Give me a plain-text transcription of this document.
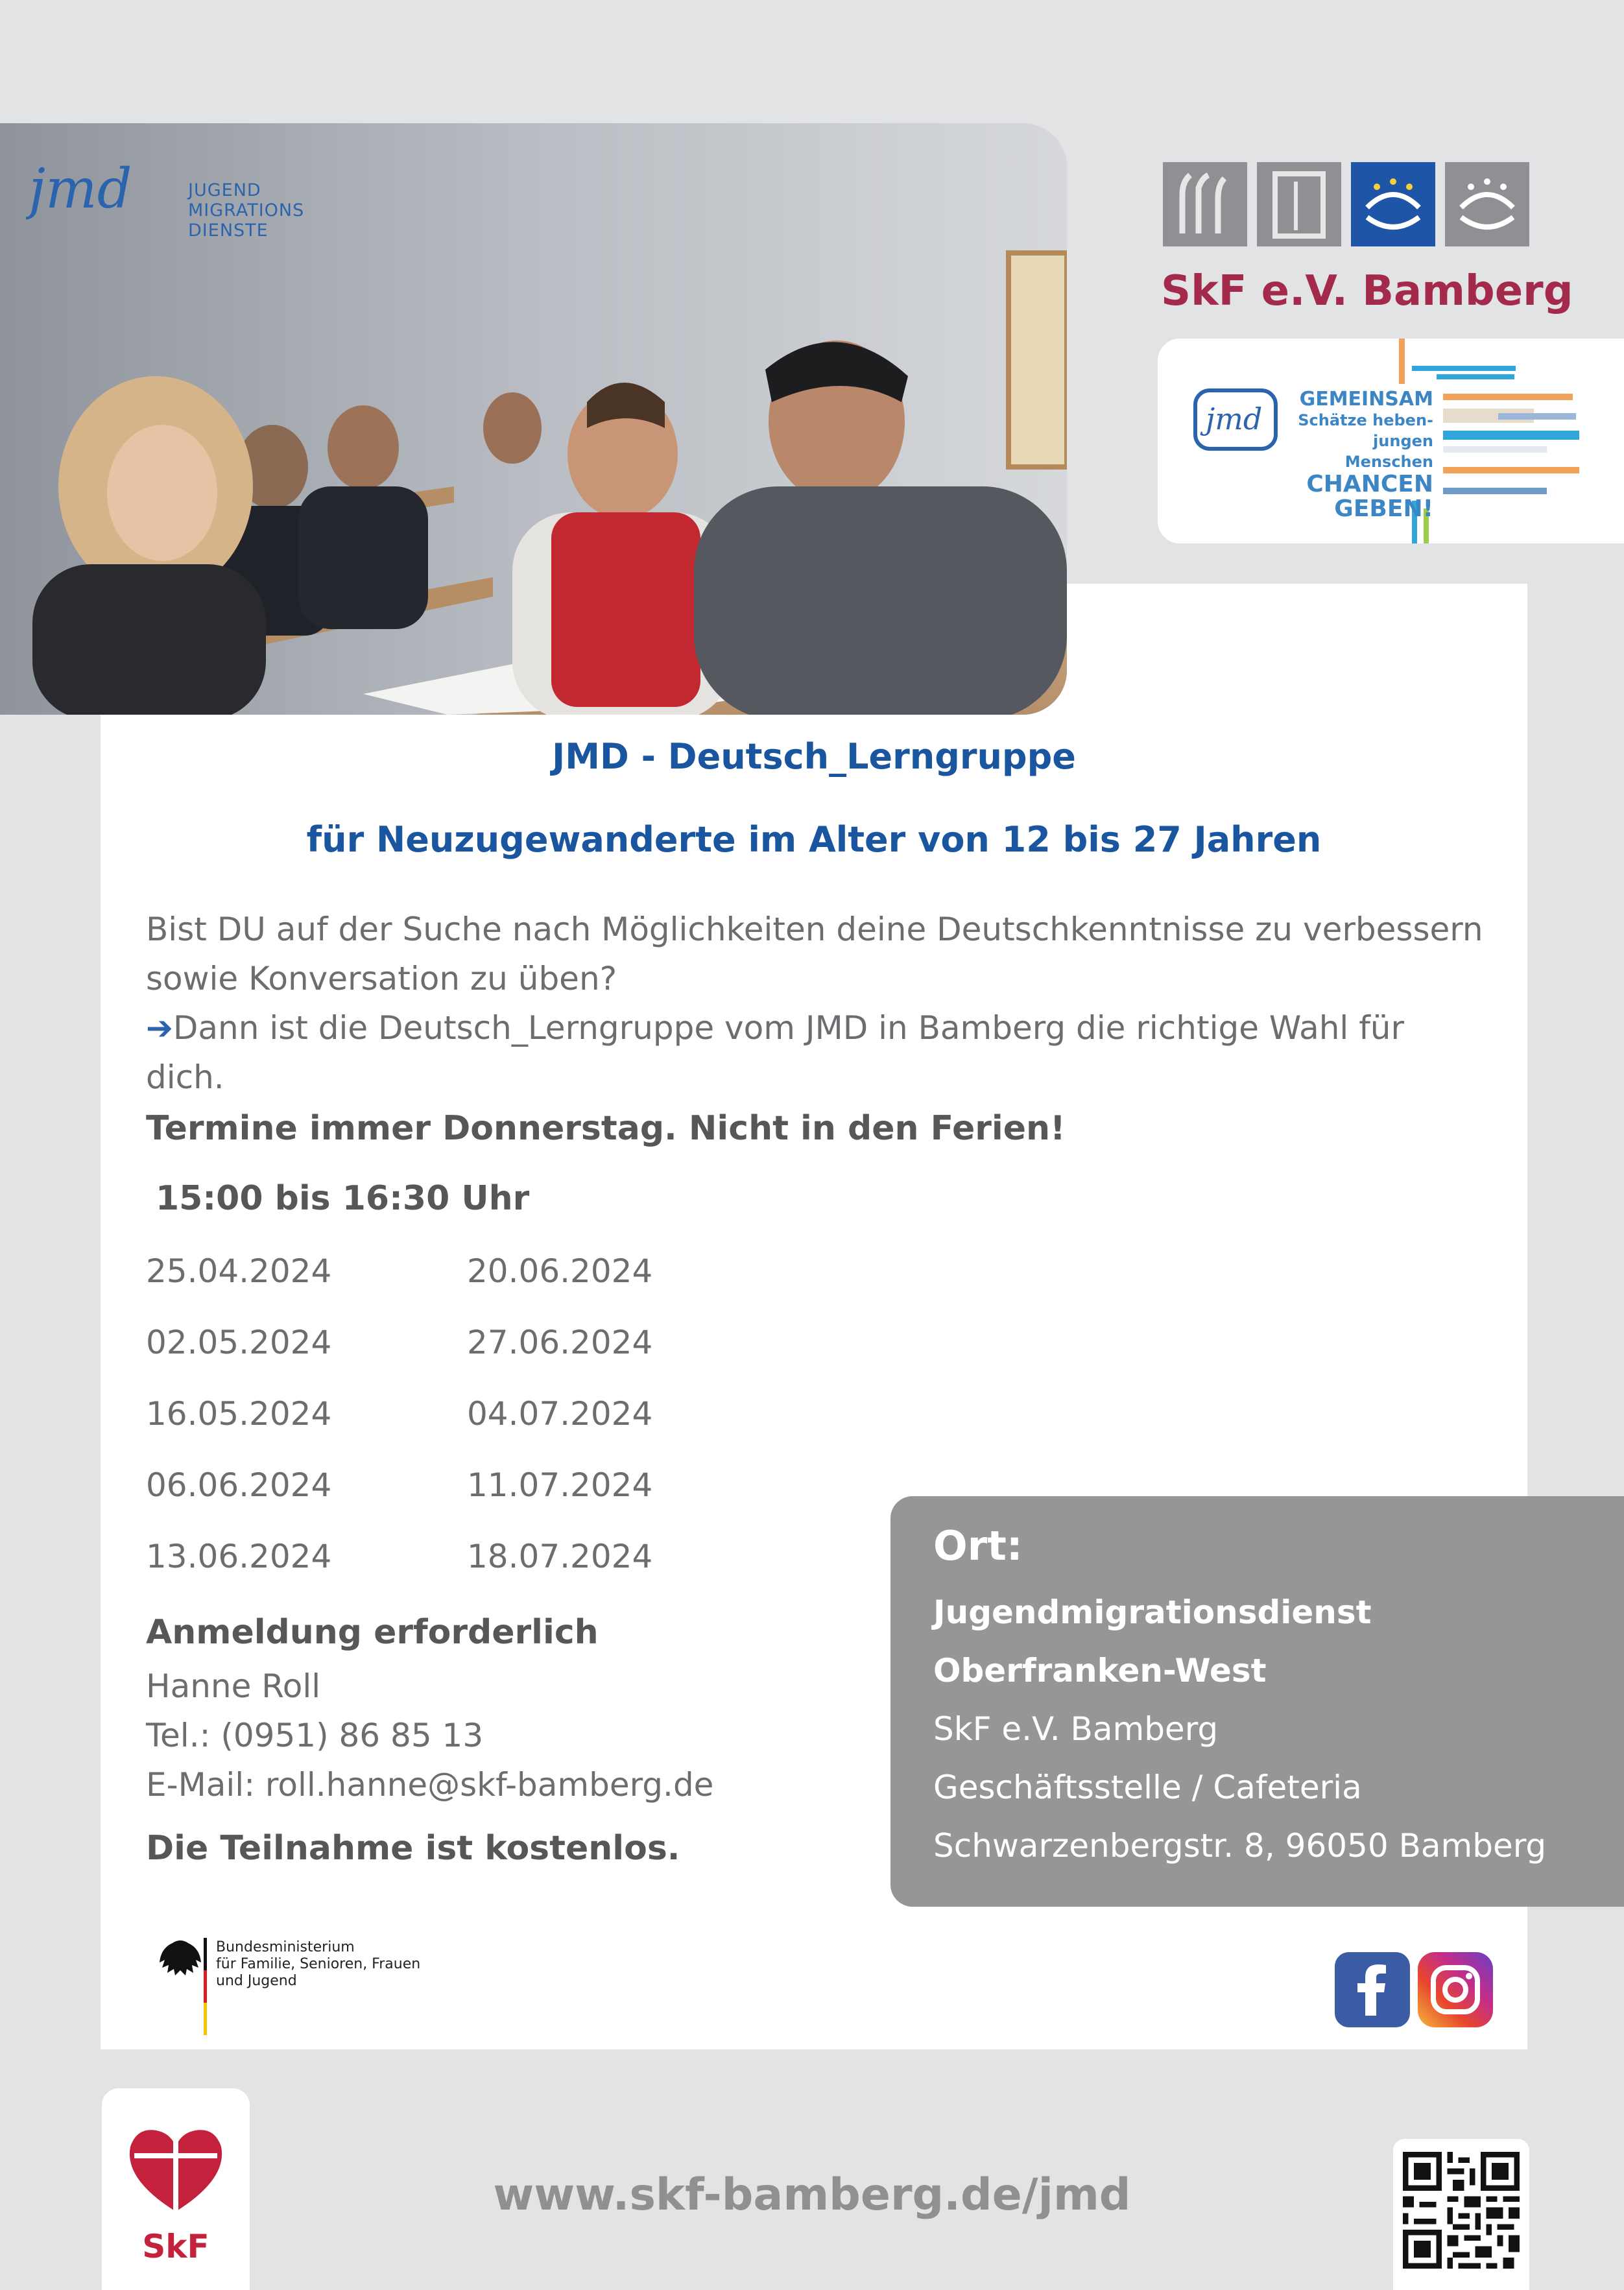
jmd	JUGEND
MIGRATIONS
DIENSTE
SkF e.V. Bamberg
jmd
GEMEINSAM
Schätze heben-
jungen Menschen
CHANCEN
GEBEN!
JMD - Deutsch_Lerngruppe
für Neuzugewanderte im Alter von 12 bis 27 Jahren
Bist DU auf der Suche nach Möglichkeiten deine Deutschkenntnisse zu verbessern
sowie Konversation zu üben?
➔Dann ist die Deutsch_Lerngruppe vom JMD in Bamberg die richtige Wahl für
dich.
Termine immer Donnerstag. Nicht in den Ferien!
15:00 bis 16:30 Uhr
25.04.2024
02.05.2024
16.05.2024
06.06.2024
13.06.2024
20.06.2024
27.06.2024
04.07.2024
11.07.2024
18.07.2024
Anmeldung erforderlich
Hanne Roll
Tel.: (0951) 86 85 13
E-Mail: roll.hanne@skf-bamberg.de
Die Teilnahme ist kostenlos.
Ort:
Jugendmigrationsdienst
Oberfranken-West
SkF e.V. Bamberg
Geschäftsstelle / Cafeteria
Schwarzenbergstr. 8, 96050 Bamberg
Bundesministerium
für Familie, Senioren, Frauen
und Jugend
SkF
www.skf-bamberg.de/jmd
